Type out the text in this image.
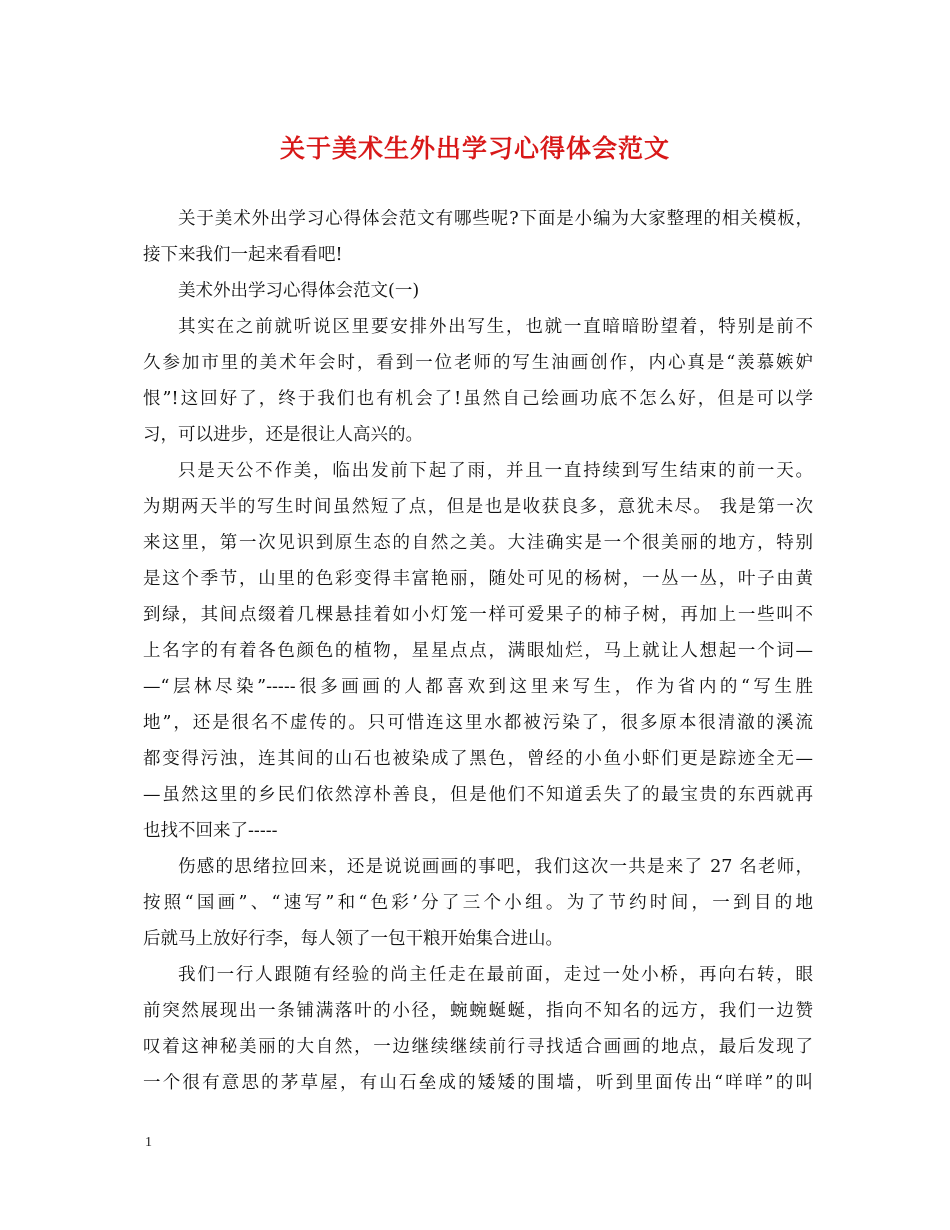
关于美术生外出学习心得体会范文
关于美术外出学习心得体会范文有哪些呢?下面是小编为大家整理的相关模板，
接下来我们一起来看看吧!
美术外出学习心得体会范文(一)
其实在之前就听说区里要安排外出写生，也就一直暗暗盼望着，特别是前不
久参加市里的美术年会时，看到一位老师的写生油画创作，内心真是“羡慕嫉妒
恨”!这回好了，终于我们也有机会了!虽然自己绘画功底不怎么好，但是可以学
习，可以进步，还是很让人高兴的。
只是天公不作美，临出发前下起了雨，并且一直持续到写生结束的前一天。
为期两天半的写生时间虽然短了点，但是也是收获良多，意犹未尽。 我是第一次
来这里，第一次见识到原生态的自然之美。大洼确实是一个很美丽的地方，特别
是这个季节，山里的色彩变得丰富艳丽，随处可见的杨树，一丛一丛，叶子由黄
到绿，其间点缀着几棵悬挂着如小灯笼一样可爱果子的柿子树，再加上一些叫不
上名字的有着各色颜色的植物，星星点点，满眼灿烂，马上就让人想起一个词—
—“层林尽染”-----很多画画的人都喜欢到这里来写生，作为省内的“写生胜
地”，还是很名不虚传的。只可惜连这里水都被污染了，很多原本很清澈的溪流
都变得污浊，连其间的山石也被染成了黑色，曾经的小鱼小虾们更是踪迹全无—
—虽然这里的乡民们依然淳朴善良，但是他们不知道丢失了的最宝贵的东西就再
也找不回来了-----
伤感的思绪拉回来，还是说说画画的事吧，我们这次一共是来了 27 名老师，
按照“国画”、“速写”和“色彩’分了三个小组。为了节约时间，一到目的地
后就马上放好行李，每人领了一包干粮开始集合进山。
我们一行人跟随有经验的尚主任走在最前面，走过一处小桥，再向右转，眼
前突然展现出一条铺满落叶的小径，蜿蜿蜒蜒，指向不知名的远方，我们一边赞
叹着这神秘美丽的大自然，一边继续继续前行寻找适合画画的地点，最后发现了
一个很有意思的茅草屋，有山石垒成的矮矮的围墙，听到里面传出“咩咩”的叫
1
